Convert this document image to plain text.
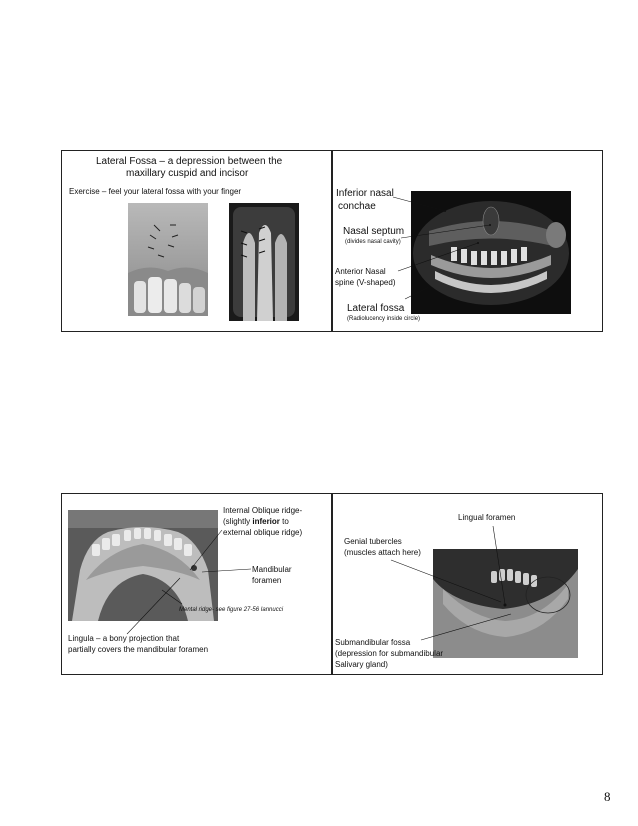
Lateral Fossa – a depression between the
maxillary cuspid and incisor
Exercise – feel your lateral fossa with your finger	Inferior nasal
conchae
Nasal septum
(divides nasal cavity)
Anterior Nasal
spine (V-shaped)
Lateral fossa
(Radiolucency inside circle)
Internal Oblique ridge-
(slightly inferior to
external oblique ridge)
Mandibular
foramen
Mental ridge- see figure 27-56 Iannucci
Lingula – a bony projection that
partially covers the mandibular foramen
Lingual foramen
Genial tubercles
(muscles attach here)
Submandibular fossa
(depression for submandibular
Salivary gland)
8
